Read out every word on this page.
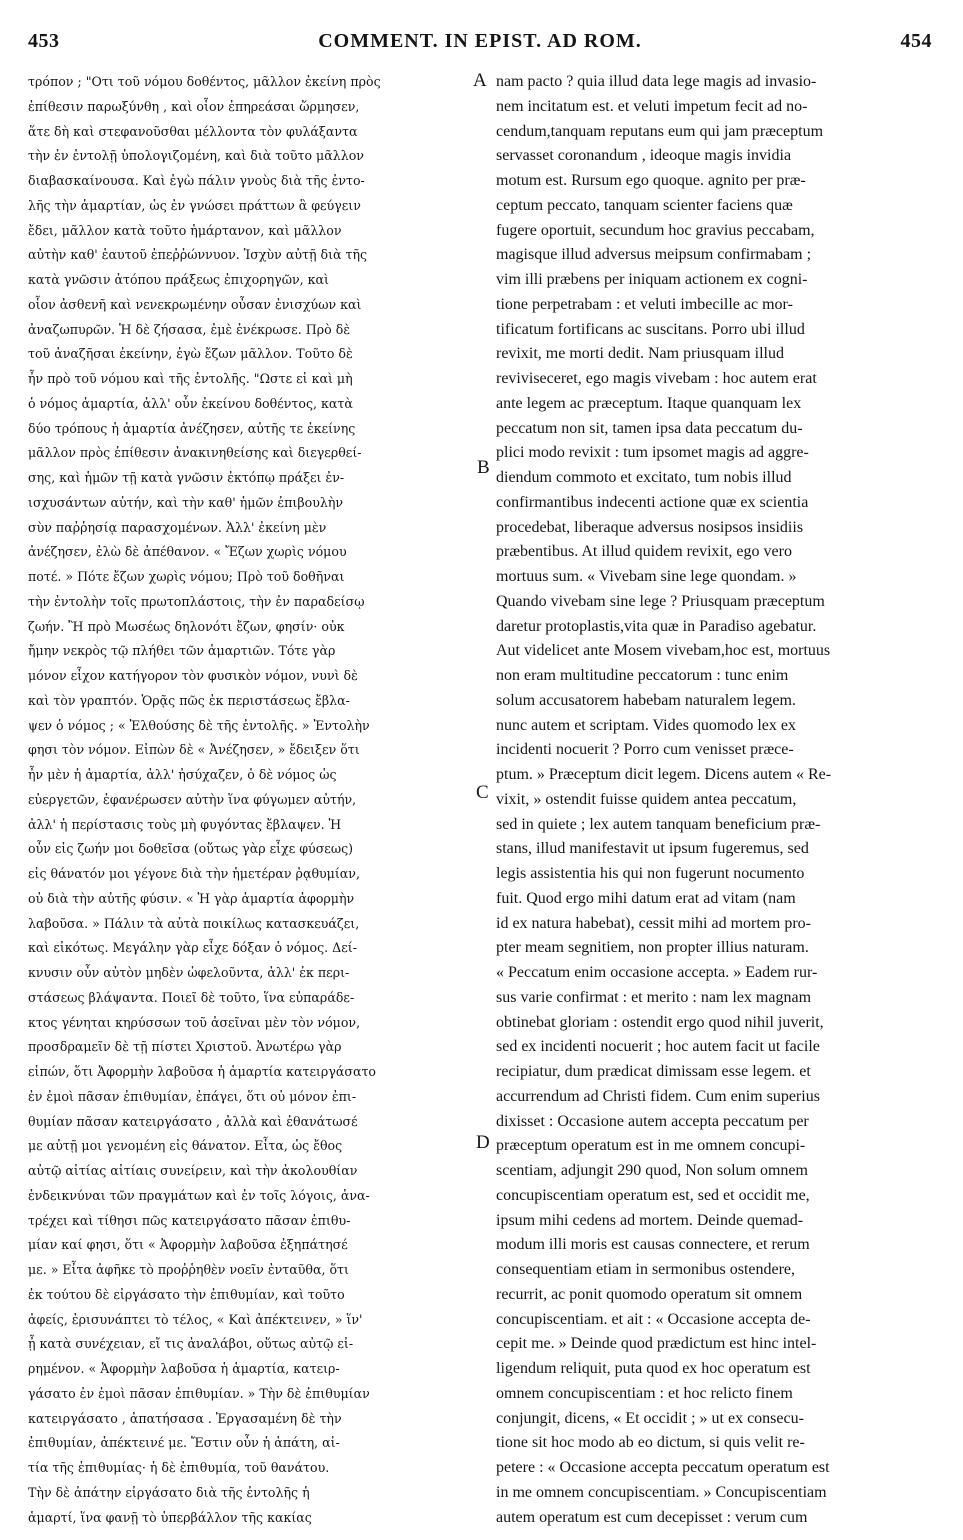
453	COMMENT. IN EPIST. AD ROM.	454
τρόπον ; "Οτι τοῦ νόμου δοθέντος, μᾶλλον ἐκείνη πρὸς
ἐπίθεσιν παρωξύνθη , καὶ οἷον ἐπηρεάσαι ὥρμησεν,
ἅτε δὴ καὶ στεφανοῦσθαι μέλλοντα τὸν φυλάξαντα
τὴν ἐν ἐντολῇ ὑπολογιζομένη, καὶ διὰ τοῦτο μᾶλλον
διαβασκαίνουσα. Καὶ ἐγὼ πάλιν γνοὺς διὰ τῆς ἐντο-
λῆς τὴν ἁμαρτίαν, ὡς ἐν γνώσει πράττων ἃ φεύγειν
ἔδει, μᾶλλον κατὰ τοῦτο ἡμάρτανον, καὶ μᾶλλον
αὐτὴν καθ' ἑαυτοῦ ἐπεῤῥώννυον. Ἰσχὺν αὐτῇ διὰ τῆς
κατὰ γνῶσιν ἀτόπου πράξεως ἐπιχορηγῶν, καὶ
οἷον ἀσθενῆ καὶ νενεκρωμένην οὖσαν ἐνισχύων καὶ
ἀναζωπυρῶν. Ἡ δὲ ζήσασα, ἐμὲ ἐνέκρωσε. Πρὸ δὲ
τοῦ ἀναζῆσαι ἐκείνην, ἐγὼ ἔζων μᾶλλον. Τοῦτο δὲ
ἦν πρὸ τοῦ νόμου καὶ τῆς ἐντολῆς. "Ωστε εἰ καὶ μὴ
ὁ νόμος ἁμαρτία, ἀλλ' οὖν ἐκείνου δοθέντος, κατὰ
δύο τρόπους ἡ ἁμαρτία ἀνέζησεν, αὐτῆς τε ἐκείνης
μᾶλλον πρὸς ἐπίθεσιν ἀνακινηθείσης καὶ διεγερθεί-
σης, καὶ ἡμῶν τῇ κατὰ γνῶσιν ἐκτόπῳ πράξει ἐν-
ισχυσάντων αὐτήν, καὶ τὴν καθ' ἡμῶν ἐπιβουλὴν
σὺν παῤῥησίᾳ παρασχομένων. Ἀλλ' ἐκείνη μὲν
ἀνέζησεν, ἐλὼ δὲ ἀπέθανον. « Ἔζων χωρὶς νόμου
ποτέ. » Πότε ἔζων χωρὶς νόμου; Πρὸ τοῦ δοθῆναι
τὴν ἐντολὴν τοῖς πρωτοπλάστοις, τὴν ἐν παραδείσῳ
ζωήν. Ἢ πρὸ Μωσέως δηλονότι ἔζων, φησίν· οὐκ
ἤμην νεκρὸς τῷ πλήθει τῶν ἁμαρτιῶν. Τότε γὰρ
μόνον εἶχον κατήγορον τὸν φυσικὸν νόμον, νυνὶ δὲ
καὶ τὸν γραπτόν. Ὁρᾷς πῶς ἐκ περιστάσεως ἔβλα-
ψεν ὁ νόμος ; « Ἐλθούσης δὲ τῆς ἐντολῆς. » Ἐντολὴν
φησι τὸν νόμον. Εἰπὼν δὲ « Ἀνέζησεν, » ἔδειξεν ὅτι
ἦν μὲν ἡ ἁμαρτία, ἀλλ' ἠσύχαζεν, ὁ δὲ νόμος ὡς
εὐεργετῶν, ἐφανέρωσεν αὐτὴν ἵνα φύγωμεν αὐτήν,
ἀλλ' ἡ περίστασις τοὺς μὴ φυγόντας ἔβλαψεν. Ἡ
οὖν εἰς ζωήν μοι δοθεῖσα (οὕτως γὰρ εἶχε φύσεως)
εἰς θάνατόν μοι γέγονε διὰ τὴν ἡμετέραν ῥᾳθυμίαν,
οὐ διὰ τὴν αὐτῆς φύσιν. « Ἡ γὰρ ἁμαρτία ἀφορμὴν
λαβοῦσα. » Πάλιν τὰ αὐτὰ ποικίλως κατασκευάζει,
καὶ εἰκότως. Μεγάλην γὰρ εἶχε δόξαν ὁ νόμος. Δεί-
κνυσιν οὖν αὐτὸν μηδὲν ὠφελοῦντα, ἀλλ' ἐκ περι-
στάσεως βλάψαντα. Ποιεῖ δὲ τοῦτο, ἵνα εὐπαράδε-
κτος γένηται κηρύσσων τοῦ ἀσεῖναι μὲν τὸν νόμον,
προσδραμεῖν δὲ τῇ πίστει Χριστοῦ. Ἀνωτέρω γὰρ
εἰπών, ὅτι Ἀφορμὴν λαβοῦσα ἡ ἁμαρτία κατειργάσατο
ἐν ἐμοὶ πᾶσαν ἐπιθυμίαν, ἐπάγει, ὅτι οὐ μόνον ἐπι-
θυμίαν πᾶσαν κατειργάσατο , ἀλλὰ καὶ ἐθανάτωσέ
με αὐτῇ μοι γενομένη εἰς θάνατον. Εἶτα, ὡς ἔθος
αὐτῷ αἰτίας αἰτίαις συνείρειν, καὶ τὴν ἀκολουθίαν
ἐνδεικνύναι τῶν πραγμάτων καὶ ἐν τοῖς λόγοις, ἀνα-
τρέχει καὶ τίθησι πῶς κατειργάσατο πᾶσαν ἐπιθυ-
μίαν καί φησι, ὅτι « Ἀφορμὴν λαβοῦσα ἐξηπάτησέ
με. » Εἶτα ἀφῆκε τὸ προῤῥηθὲν νοεῖν ἐνταῦθα, ὅτι
ἐκ τούτου δὲ εἰργάσατο τὴν ἐπιθυμίαν, καὶ τοῦτο
ἀφείς, ἐρισυνάπτει τὸ τέλος, « Καὶ ἀπέκτεινεν, » ἵν'
ᾖ κατὰ συνέχειαν, εἴ τις ἀναλάβοι, οὕτως αὐτῷ εἰ-
ρημένον. « Ἀφορμὴν λαβοῦσα ἡ ἁμαρτία, κατειρ-
γάσατο ἐν ἐμοὶ πᾶσαν ἐπιθυμίαν. » Τὴν δὲ ἐπιθυμίαν
κατειργάσατο , ἀπατήσασα . Ἐργασαμένη δὲ τὴν
ἐπιθυμίαν, ἀπέκτεινέ με. Ἔστιν οὖν ἡ ἀπάτη, αἰ-
τία τῆς ἐπιθυμίας· ἡ δὲ ἐπιθυμία, τοῦ θανάτου.
Τὴν δὲ ἀπάτην εἰργάσατο διὰ τῆς ἐντολῆς ἡ
ἁμαρτί, ἵνα φανῇ τὸ ὑπερβάλλον τῆς κακίας
nam pacto ? quia illud data lege magis ad invasio-
nem incitatum est. et veluti impetum fecit ad no-
cendum,tanquam reputans eum qui jam præceptum
servasset coronandum , ideoque magis invidia
motum est. Rursum ego quoque. agnito per præ-
ceptum peccato, tanquam scienter faciens quæ
fugere oportuit, secundum hoc gravius peccabam,
magisque illud adversus meipsum confirmabam ;
vim illi præbens per iniquam actionem ex cogni-
tione perpetrabam : et veluti imbecille ac mor-
tificatum fortificans ac suscitans. Porro ubi illud
revixit, me morti dedit. Nam priusquam illud
reviviseceret, ego magis vivebam : hoc autem erat
ante legem ac præceptum. Itaque quanquam lex
peccatum non sit, tamen ipsa data peccatum du-
plici modo revixit : tum ipsomet magis ad aggre-
diendum commoto et excitato, tum nobis illud
confirmantibus indecenti actione quæ ex scientia
procedebat, liberaque adversus nosipsos insidiis
præbentibus. At illud quidem revixit, ego vero
mortuus sum. « Vivebam sine lege quondam. »
Quando vivebam sine lege ? Priusquam præceptum
daretur protoplastis,vita quæ in Paradiso agebatur.
Aut videlicet ante Mosem vivebam,hoc est, mortuus
non eram multitudine peccatorum : tunc enim
solum accusatorem habebam naturalem legem.
nunc autem et scriptam. Vides quomodo lex ex
incidenti nocuerit ? Porro cum venisset præce-
ptum. » Præceptum dicit legem. Dicens autem « Re-
vixit, » ostendit fuisse quidem antea peccatum,
sed in quiete ; lex autem tanquam beneficium præ-
stans, illud manifestavit ut ipsum fugeremus, sed
legis assistentia his qui non fugerunt nocumento
fuit. Quod ergo mihi datum erat ad vitam (nam
id ex natura habebat), cessit mihi ad mortem pro-
pter meam segnitiem, non propter illius naturam.
« Peccatum enim occasione accepta. » Eadem rur-
sus varie confirmat : et merito : nam lex magnam
obtinebat gloriam : ostendit ergo quod nihil juverit,
sed ex incidenti nocuerit ; hoc autem facit ut facile
recipiatur, dum prædicat dimissam esse legem. et
accurrendum ad Christi fidem. Cum enim superius
dixisset : Occasione autem accepta peccatum per
præceptum operatum est in me omnem concupi-
scentiam, adjungit 290 quod, Non solum omnem
concupiscentiam operatum est, sed et occidit me,
ipsum mihi cedens ad mortem. Deinde quemad-
modum illi moris est causas connectere, et rerum
consequentiam etiam in sermonibus ostendere,
recurrit, ac ponit quomodo operatum sit omnem
concupiscentiam. et ait : « Occasione accepta de-
cepit me. » Deinde quod prædictum est hinc intel-
ligendum reliquit, puta quod ex hoc operatum est
omnem concupiscentiam : et hoc relicto finem
conjungit, dicens, « Et occidit ; » ut ex consecu-
tione sit hoc modo ab eo dictum, si quis velit re-
petere : « Occasione accepta peccatum operatum est
in me omnem concupiscentiam. » Concupiscentiam
autem operatum est cum decepisset : verum cum
A
B
C
D
